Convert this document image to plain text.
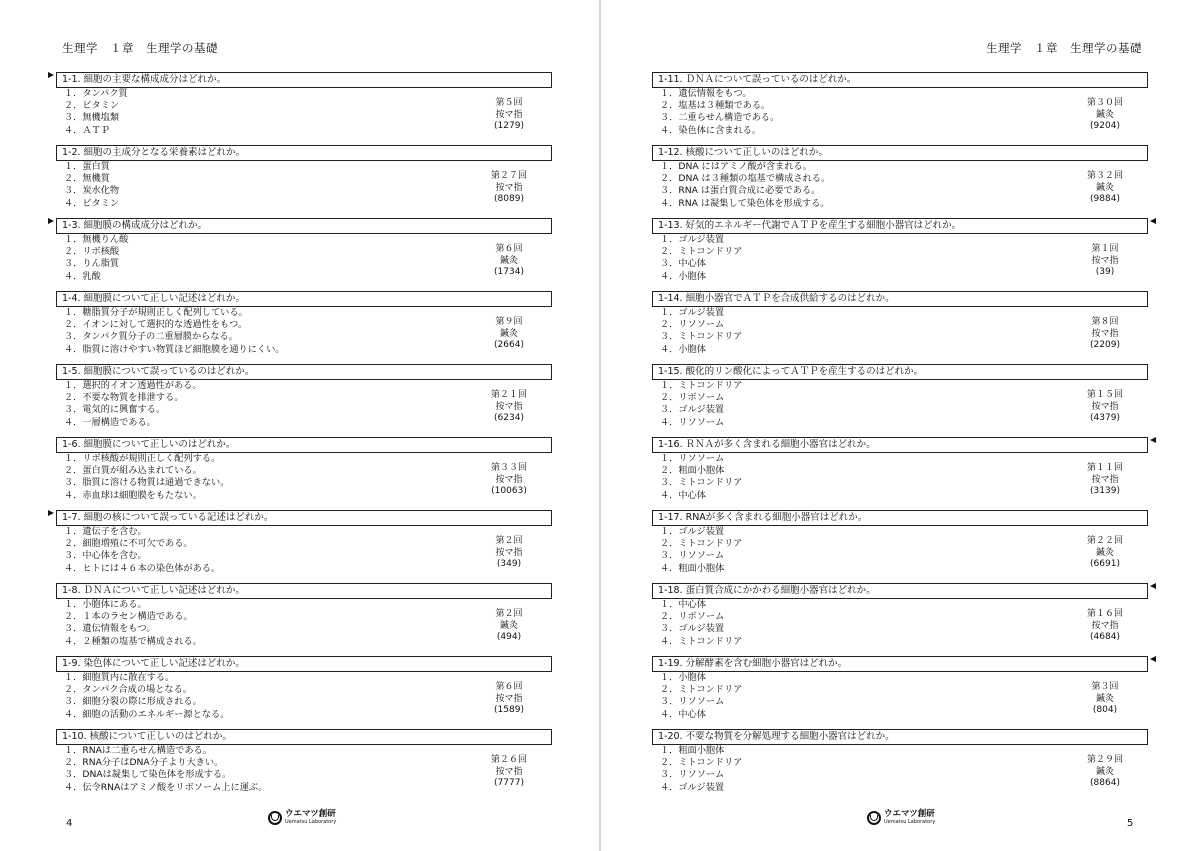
生理学　１章　生理学の基礎
1-1. 細胞の主要な構成成分はどれか。
１．タンパク質
２．ビタミン
３．無機塩類
４．ＡＴＰ
第５回
按マ指
(1279)
1-2. 細胞の主成分となる栄養素はどれか。
１．蛋白質
２．無機質
３．炭水化物
４．ビタミン
第２７回
按マ指
(8089)
1-3. 細胞膜の構成成分はどれか。
１．無機りん酸
２．リボ核酸
３．りん脂質
４．乳酸
第６回
鍼灸
(1734)
1-4. 細胞膜について正しい記述はどれか。
１．糖脂質分子が規則正しく配列している。
２．イオンに対して選択的な透過性をもつ。
３．タンパク質分子の二重層膜からなる。
４．脂質に溶けやすい物質ほど細胞膜を通りにくい。
第９回
鍼灸
(2664)
1-5. 細胞膜について誤っているのはどれか。
１．選択的イオン透過性がある。
２．不要な物質を排泄する。
３．電気的に興奮する。
４．一層構造である。
第２１回
按マ指
(6234)
1-6. 細胞膜について正しいのはどれか。
１．リボ核酸が規則正しく配列する。
２．蛋白質が組み込まれている。
３．脂質に溶ける物質は通過できない。
４．赤血球は細胞膜をもたない。
第３３回
按マ指
(10063)
1-7. 細胞の核について誤っている記述はどれか。
１．遺伝子を含む。
２．細胞増殖に不可欠である。
３．中心体を含む。
４．ヒトには４６本の染色体がある。
第２回
按マ指
(349)
1-8. ＤＮＡについて正しい記述はどれか。
１．小胞体にある。
２．１本のラセン構造である。
３．遺伝情報をもつ。
４．２種類の塩基で構成される。
第２回
鍼灸
(494)
1-9. 染色体について正しい記述はどれか。
１．細胞質内に散在する。
２．タンパク合成の場となる。
３．細胞分裂の際に形成される。
４．細胞の活動のエネルギー源となる。
第６回
按マ指
(1589)
1-10. 核酸について正しいのはどれか。
１．RNAは二重らせん構造である。
２．RNA分子はDNA分子より大きい。
３．DNAは凝集して染色体を形成する。
４．伝令RNAはアミノ酸をリボソーム上に運ぶ。
第２６回
按マ指
(7777)
4
ウエマツ創研
Uematsu Laboratory
生理学　１章　生理学の基礎
1-11. ＤＮＡについて誤っているのはどれか。
１．遺伝情報をもつ。
２．塩基は３種類である。
３．二重らせん構造である。
４．染色体に含まれる。
第３０回
鍼灸
(9204)
1-12. 核酸について正しいのはどれか。
１．DNA にはアミノ酸が含まれる。
２．DNA は３種類の塩基で構成される。
３．RNA は蛋白質合成に必要である。
４．RNA は凝集して染色体を形成する。
第３２回
鍼灸
(9884)
1-13. 好気的エネルギー代謝でＡＴＰを産生する細胞小器官はどれか。
１．ゴルジ装置
２．ミトコンドリア
３．中心体
４．小胞体
第１回
按マ指
(39)
1-14. 細胞小器官でＡＴＰを合成供給するのはどれか。
１．ゴルジ装置
２．リソソーム
３．ミトコンドリア
４．小胞体
第８回
按マ指
(2209)
1-15. 酸化的リン酸化によってＡＴＰを産生するのはどれか。
１．ミトコンドリア
２．リボソーム
３．ゴルジ装置
４．リソソーム
第１５回
按マ指
(4379)
1-16. ＲＮＡが多く含まれる細胞小器官はどれか。
１．リソソーム
２．粗面小胞体
３．ミトコンドリア
４．中心体
第１１回
按マ指
(3139)
1-17. RNAが多く含まれる細胞小器官はどれか。
１．ゴルジ装置
２．ミトコンドリア
３．リソソーム
４．粗面小胞体
第２２回
鍼灸
(6691)
1-18. 蛋白質合成にかかわる細胞小器官はどれか。
１．中心体
２．リボソーム
３．ゴルジ装置
４．ミトコンドリア
第１６回
按マ指
(4684)
1-19. 分解酵素を含む細胞小器官はどれか。
１．小胞体
２．ミトコンドリア
３．リソソーム
４．中心体
第３回
鍼灸
(804)
1-20. 不要な物質を分解処理する細胞小器官はどれか。
１．粗面小胞体
２．ミトコンドリア
３．リソソーム
４．ゴルジ装置
第２９回
鍼灸
(8864)
5
ウエマツ創研
Uematsu Laboratory
